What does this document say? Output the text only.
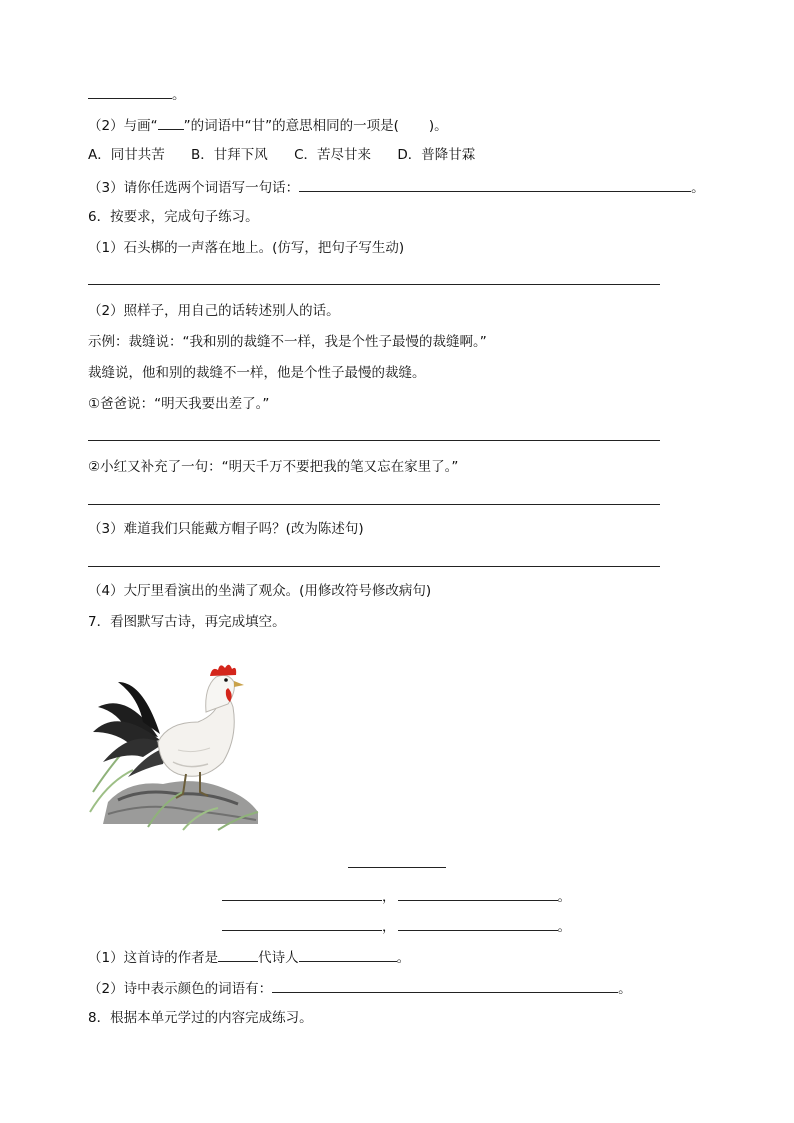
。
（2）与画“ ”的词语中“甘”的意思相同的一项是( )。
A．同甘共苦 B．甘拜下风 C．苦尽甘来 D．普降甘霖
（3）请你任选两个词语写一句话：	。
6．按要求，完成句子练习。
（1）石头梆的一声落在地上。(仿写，把句子写生动)
（2）照样子，用自己的话转述别人的话。
示例：裁缝说：“我和别的裁缝不一样，我是个性子最慢的裁缝啊。”
裁缝说，他和别的裁缝不一样，他是个性子最慢的裁缝。
①爸爸说：“明天我要出差了。”
②小红又补充了一句：“明天千万不要把我的笔又忘在家里了。”
（3）难道我们只能戴方帽子吗？(改为陈述句)
（4）大厅里看演出的坐满了观众。(用修改符号修改病句)
7．看图默写古诗，再完成填空。
，	。
，	。
（1）这首诗的作者是	代诗人	。
（2）诗中表示颜色的词语有：	。
8．根据本单元学过的内容完成练习。
